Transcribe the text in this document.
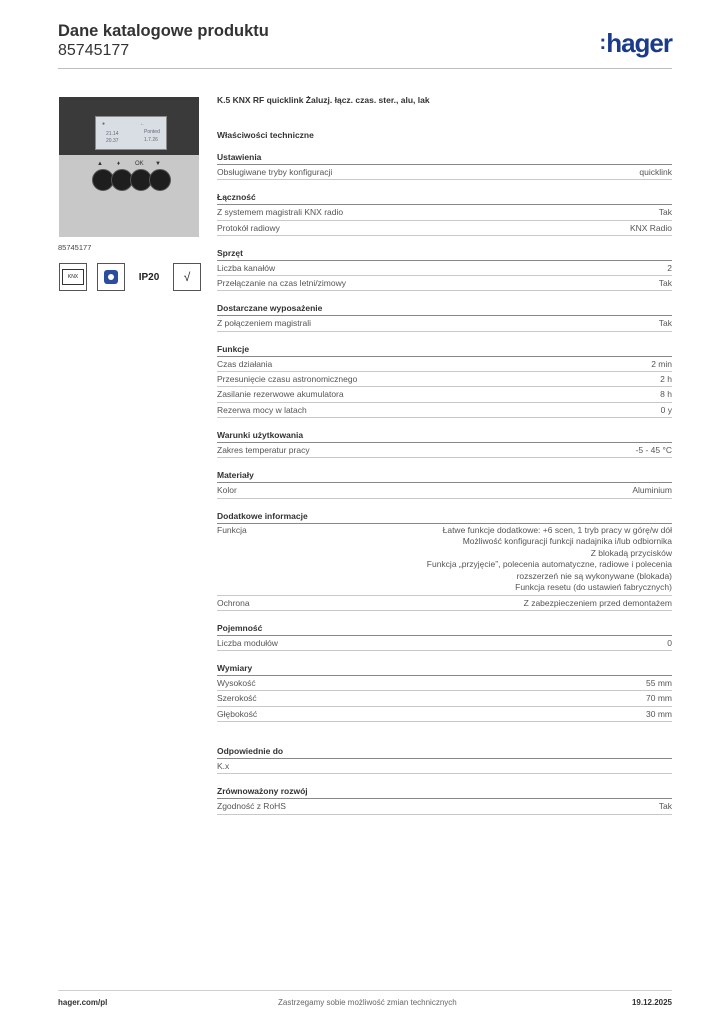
Dane katalogowe produktu
85745177	:hager
●	←
21.14
20.37
Ponted
1.7.26
▲ ♦ OK ▼
85745177
KNX	IP20	√
K.5 KNX RF quicklink Żaluzj. łącz. czas. ster., alu, lak
Właściwości techniczne
Ustawienia
Obsługiwane tryby konfiguracji	quicklink
Łączność
Z systemem magistrali KNX radio	Tak
Protokół radiowy	KNX Radio
Sprzęt
Liczba kanałów	2
Przełączanie na czas letni/zimowy	Tak
Dostarczane wyposażenie
Z połączeniem magistrali	Tak
Funkcje
Czas działania	2 min
Przesunięcie czasu astronomicznego	2 h
Zasilanie rezerwowe akumulatora	8 h
Rezerwa mocy w latach	0 y
Warunki użytkowania
Zakres temperatur pracy	-5 - 45 °C
Materiały
Kolor	Aluminium
Dodatkowe informacje
Funkcja	Łatwe funkcje dodatkowe: +6 scen, 1 tryb pracy w górę/w dół
Możliwość konfiguracji funkcji nadajnika i/lub odbiornika
Z blokadą przycisków
Funkcja „przyjęcie”, polecenia automatyczne, radiowe i polecenia
rozszerzeń nie są wykonywane (blokada)
Funkcja resetu (do ustawień fabrycznych)
Ochrona	Z zabezpieczeniem przed demontażem
Pojemność
Liczba modułów	0
Wymiary
Wysokość	55 mm
Szerokość	70 mm
Głębokość	30 mm
Odpowiednie do
K.x
Zrównoważony rozwój
Zgodność z RoHS	Tak
hager.com/pl	Zastrzegamy sobie możliwość zmian technicznych	19.12.2025
